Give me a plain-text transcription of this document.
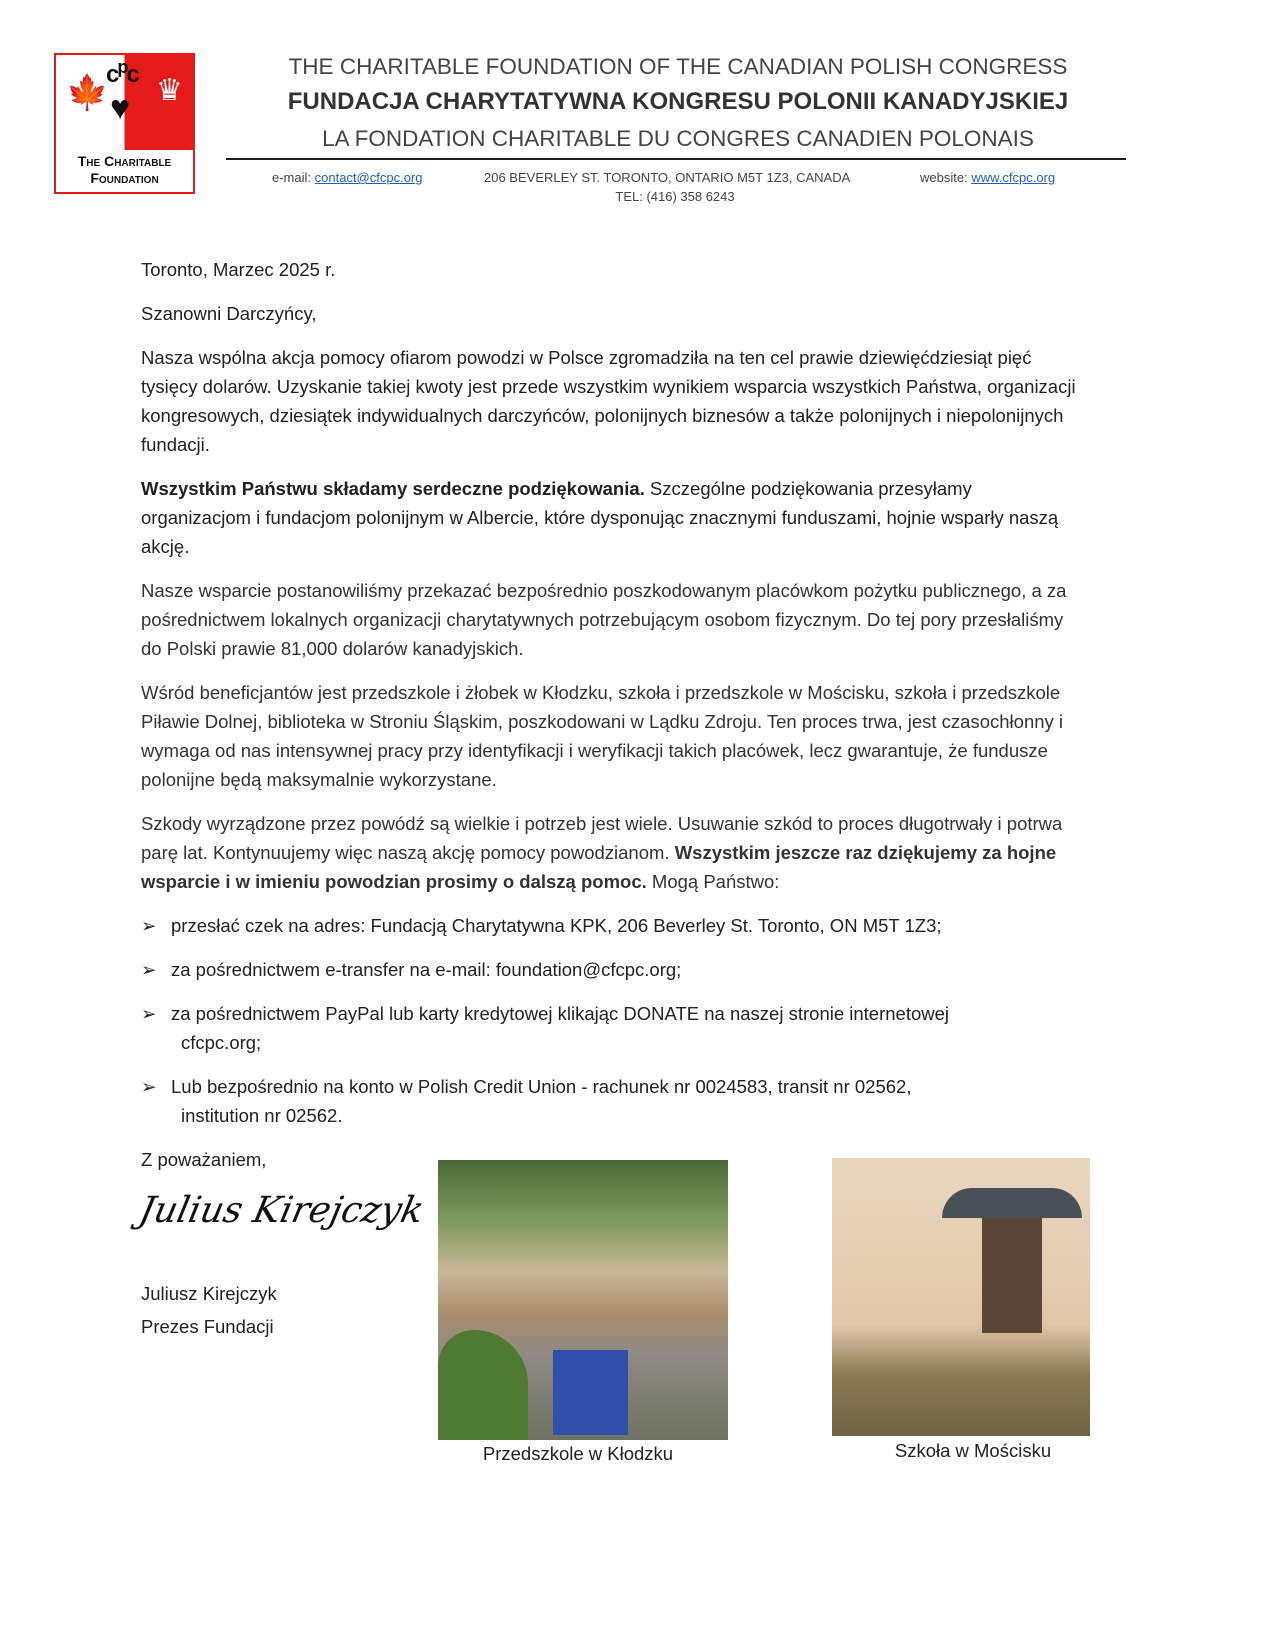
🍁 ♛
$c^pc$
♥
The Charitable
Foundation
THE CHARITABLE FOUNDATION OF THE CANADIAN POLISH CONGRESS
FUNDACJA CHARYTATYWNA KONGRESU POLONII KANADYJSKIEJ
LA FONDATION CHARITABLE DU CONGRES CANADIEN POLONAIS
e-mail: contact@cfcpc.org	206 BEVERLEY ST. TORONTO, ONTARIO M5T 1Z3, CANADA	website: www.cfcpc.org
TEL: (416) 358 6243

Toronto, Marzec 2025 r.

Szanowni Darczyńcy,

Nasza wspólna akcja pomocy ofiarom powodzi w Polsce zgromadziła na ten cel prawie dziewięćdziesiąt pięć tysięcy dolarów. Uzyskanie takiej kwoty jest przede wszystkim wynikiem wsparcia wszystkich Państwa, organizacji kongresowych, dziesiątek indywidualnych darczyńców, polonijnych biznesów a także polonijnych i niepolonijnych fundacji.

Wszystkim Państwu składamy serdeczne podziękowania. Szczególne podziękowania przesyłamy organizacjom i fundacjom polonijnym w Albercie, które dysponując znacznymi funduszami, hojnie wsparły naszą akcję.

Nasze wsparcie postanowiliśmy przekazać bezpośrednio poszkodowanym placówkom pożytku publicznego, a za pośrednictwem lokalnych organizacji charytatywnych potrzebującym osobom fizycznym. Do tej pory przesłaliśmy do Polski prawie 81,000 dolarów kanadyjskich.

Wśród beneficjantów jest przedszkole i żłobek w Kłodzku, szkoła i przedszkole w Mościsku, szkoła i przedszkole Piławie Dolnej, biblioteka w Stroniu Śląskim, poszkodowani w Lądku Zdroju. Ten proces trwa, jest czasochłonny i wymaga od nas intensywnej pracy przy identyfikacji i weryfikacji takich placówek, lecz gwarantuje, że fundusze polonijne będą maksymalnie wykorzystane.

Szkody wyrządzone przez powódź są wielkie i potrzeb jest wiele. Usuwanie szkód to proces długotrwały i potrwa parę lat. Kontynuujemy więc naszą akcję pomocy powodzianom. Wszystkim jeszcze raz dziękujemy za hojne wsparcie i w imieniu powodzian prosimy o dalszą pomoc. Mogą Państwo:

➢ przesłać czek na adres: Fundacją Charytatywna KPK, 206 Beverley St. Toronto, ON M5T 1Z3;
➢ za pośrednictwem e-transfer na e-mail: foundation@cfcpc.org;
➢ za pośrednictwem PayPal lub karty kredytowej klikając DONATE na naszej stronie internetowej
cfcpc.org;
➢ Lub bezpośrednio na konto w Polish Credit Union - rachunek nr 0024583, transit nr 02562,
institution nr 02562.

Z poważaniem,

Julius Kirejczyk
Juliusz Kirejczyk
Prezes Fundacji
Przedszkole w Kłodzku	Szkoła w Mościsku
